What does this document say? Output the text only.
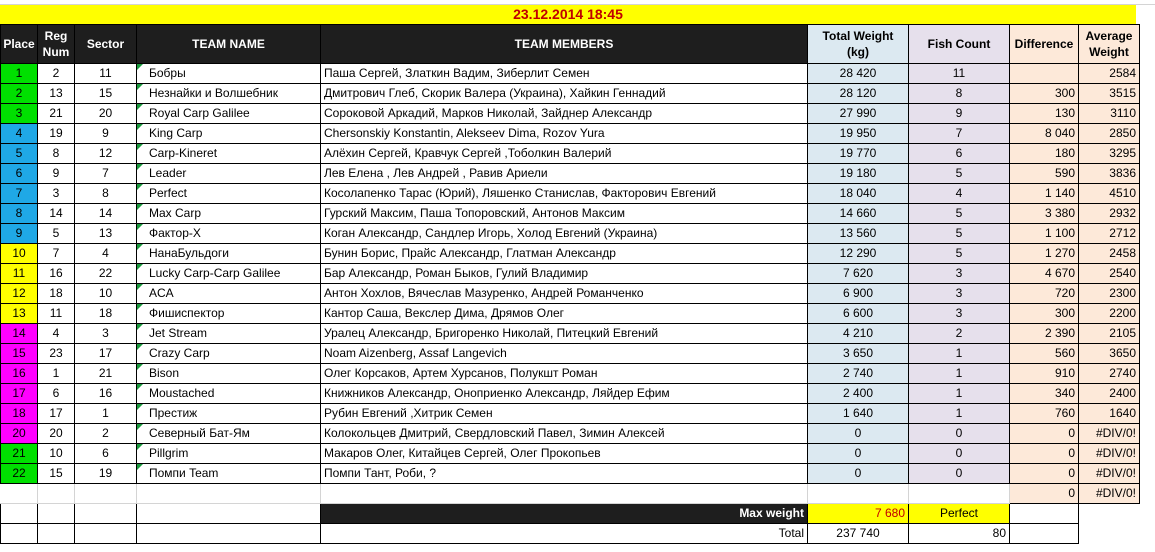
23.12.2014 18:45
Place	Reg Num	Sector	TEAM NAME	TEAM MEMBERS	Total Weight (kg)	Fish Count	Difference	Average Weight
1	2	11	Бобры	Паша Сергей, Златкин Вадим, Зиберлит Семен	28 420	11		2584
2	13	15	Незнайки и Волшебник	Дмитрович Глеб, Скорик Валера (Украина), Хайкин Геннадий	28 120	8	300	3515
3	21	20	Royal Carp Galilee	Сороковой Аркадий, Марков Николай, Зайднер Александр	27 990	9	130	3110
4	19	9	King Carp	Chersonskiy Konstantin, Alekseev Dima, Rozov Yura	19 950	7	8 040	2850
5	8	12	Carp-Kineret	Алёхин Сергей, Кравчук Сергей ,Тоболкин Валерий	19 770	6	180	3295
6	9	7	Leader	Лев Елена , Лев Андрей , Равив Ариели	19 180	5	590	3836
7	3	8	Perfect	Косолапенко Тарас (Юрий), Ляшенко Станислав, Факторович Евгений	18 040	4	1 140	4510
8	14	14	Max Carp	Гурский Максим, Паша Топоровский, Антонов Максим	14 660	5	3 380	2932
9	5	13	Фактор-Х	Коган Александр, Сандлер Игорь, Холод Евгений (Украина)	13 560	5	1 100	2712
10	7	4	НанаБульдоги	Бунин Борис, Прайс Александр, Глатман Александр	12 290	5	1 270	2458
11	16	22	Lucky Carp-Carp Galilee	Бар Александр, Роман Быков, Гулий Владимир	7 620	3	4 670	2540
12	18	10	ACA	Антон Хохлов, Вячеслав Мазуренко, Андрей Романченко	6 900	3	720	2300
13	11	18	Фишиспектор	Кантор Саша, Векслер Дима, Дрямов Олег	6 600	3	300	2200
14	4	3	Jet Stream	Уралец Александр, Бригоренко Николай, Питецкий Евгений	4 210	2	2 390	2105
15	23	17	Crazy Carp	Noam Aizenberg, Assaf Langevich	3 650	1	560	3650
16	1	21	Bison	Олег Корсаков, Артем Хурсанов, Полукшт Роман	2 740	1	910	2740
17	6	16	Moustached	Книжников Александр, Оноприенко Александр, Ляйдер Ефим	2 400	1	340	2400
18	17	1	Престиж	Рубин Евгений ,Хитрик Семен	1 640	1	760	1640
20	20	2	Северный Бат-Ям	Колокольцев Дмитрий, Свердловский Павел, Зимин Алексей	0	0	0	#DIV/0!
21	10	6	Pillgrim	Макаров Олег, Китайцев Сергей, Олег Прокопьев	0	0	0	#DIV/0!
22	15	19	Помпи Team	Помпи Тант, Роби, ?	0	0	0	#DIV/0!
							0	#DIV/0!
				Max weight	7 680	Perfect		
				Total	237 740	80		
